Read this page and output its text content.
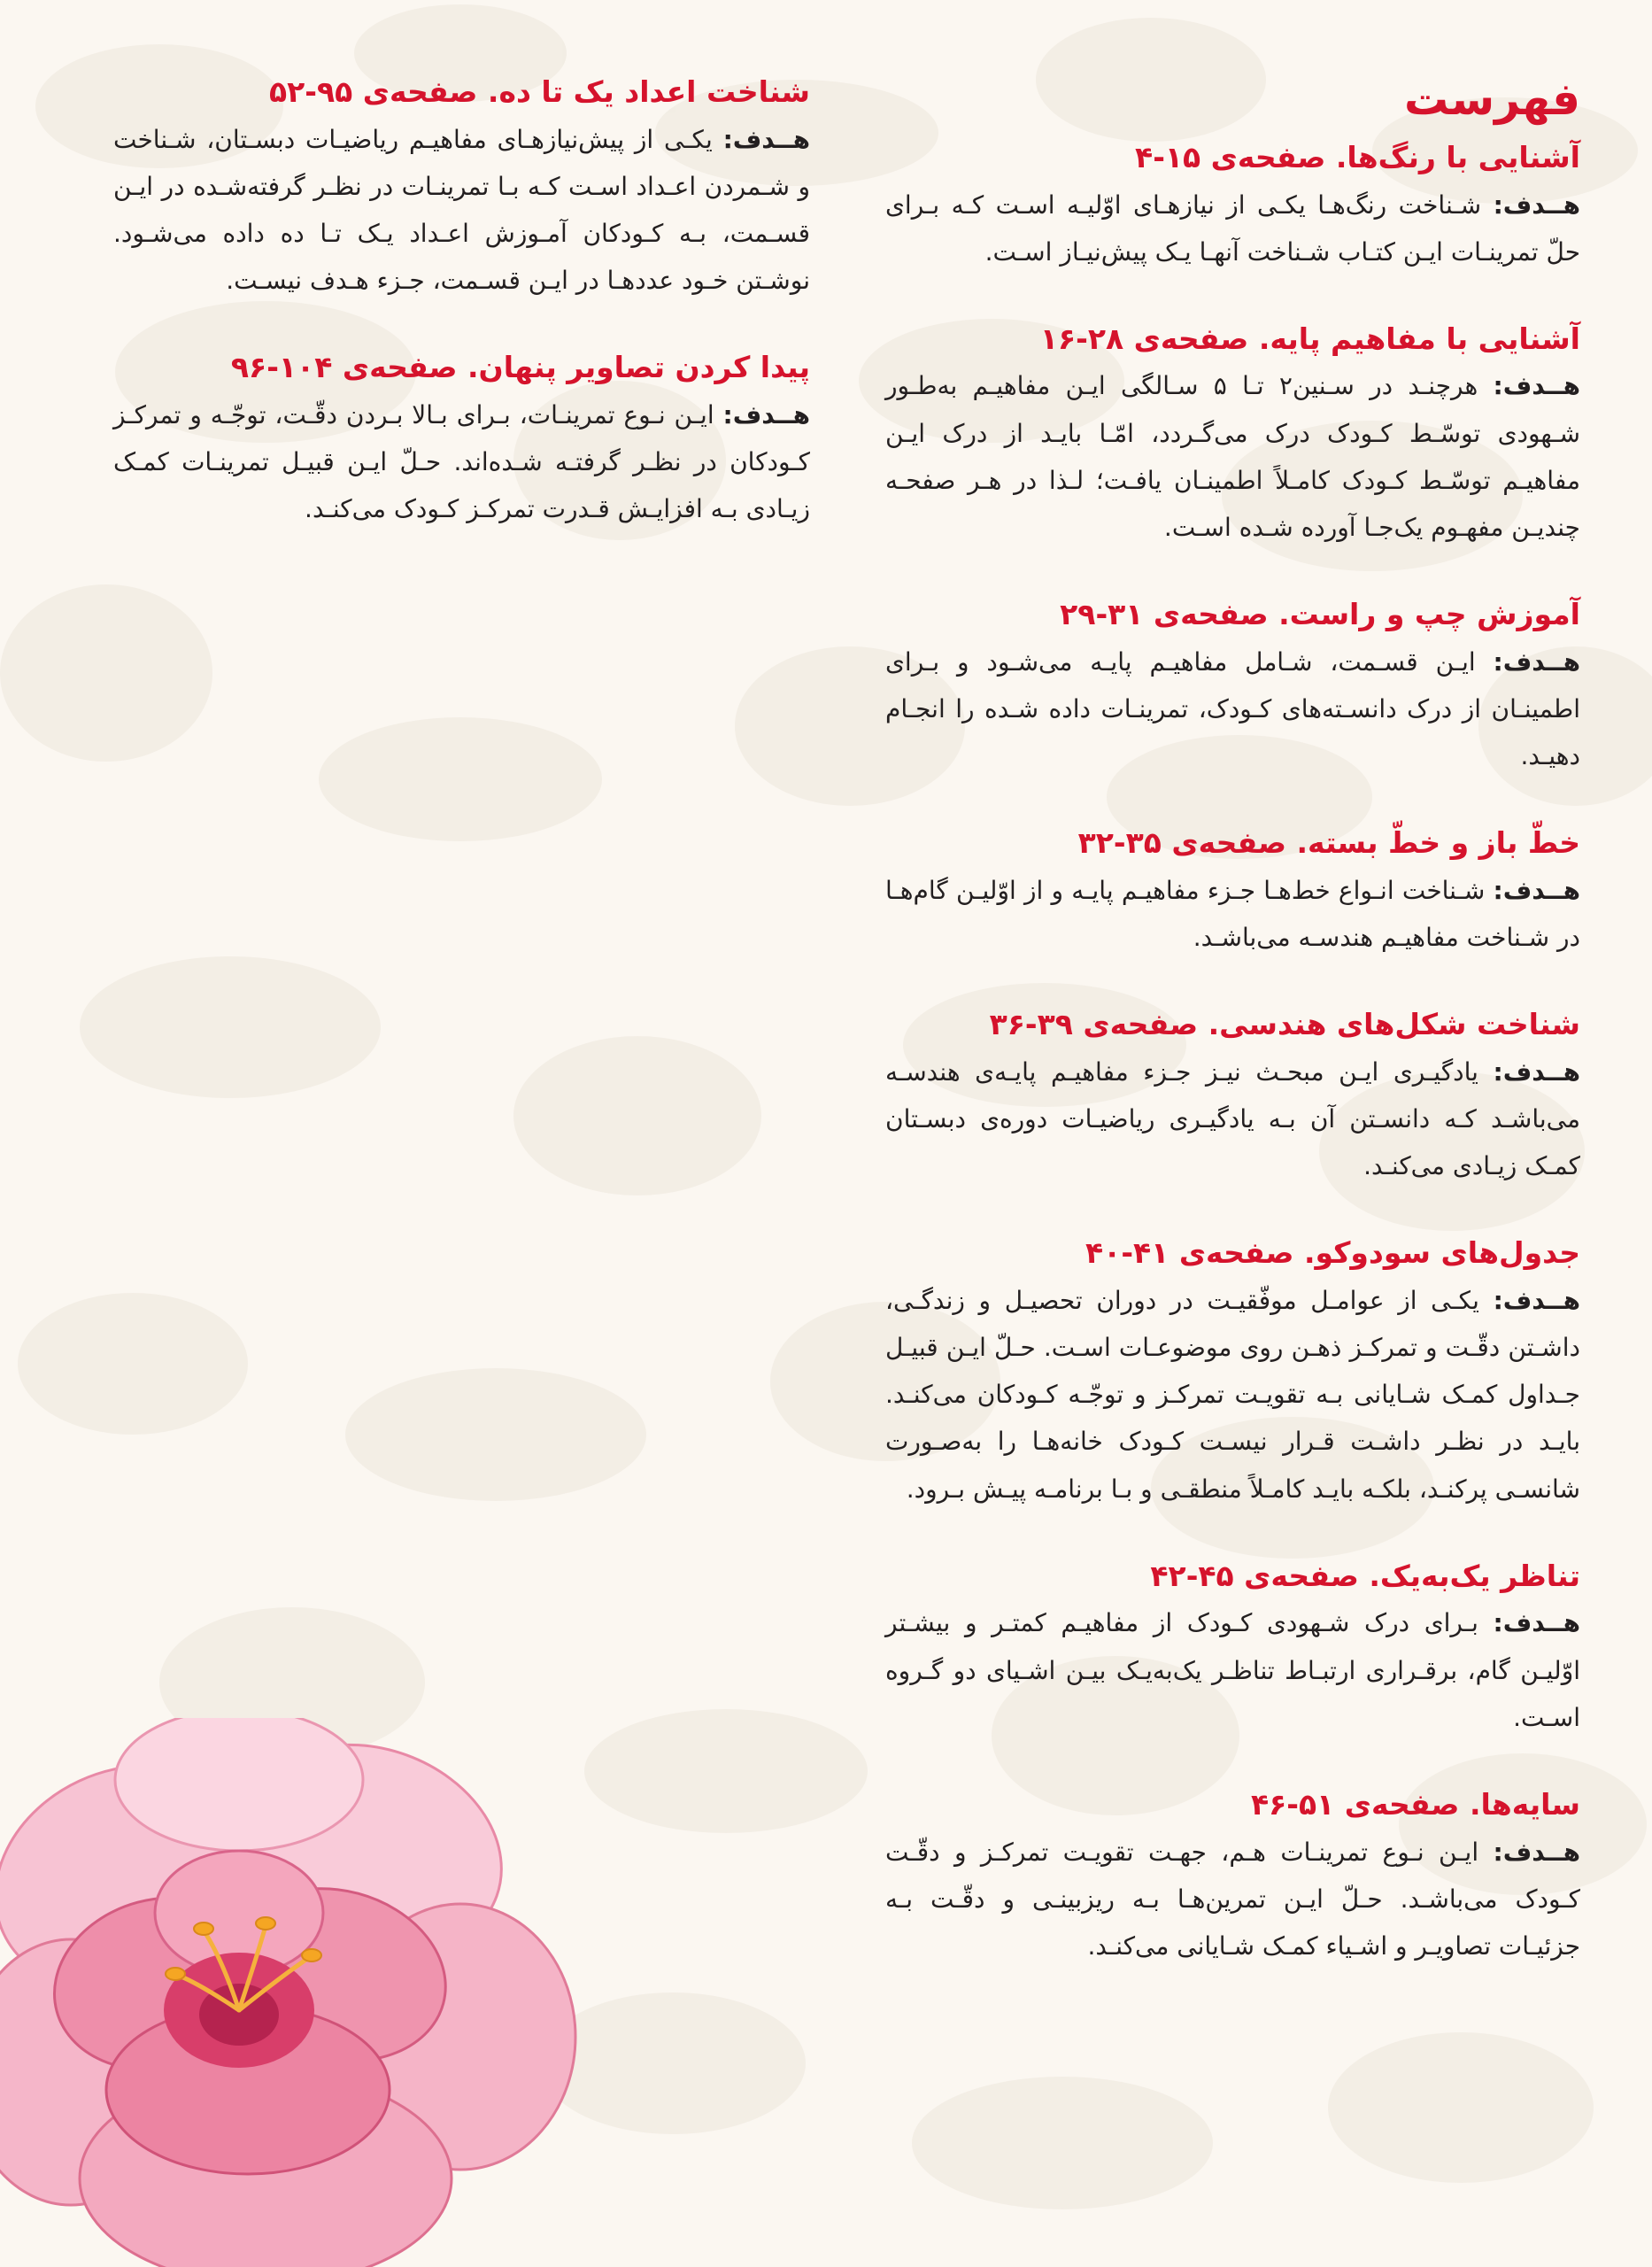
فهرست
آشنایی با رنگ‌ها. صفحه‌ی ۱۵-۴

هــدف: شـناخت رنگ‌هـا یکـی از نیازهـای اوّلیـه اسـت کـه بـرای حلّ تمرینـات ایـن کتـاب شـناخت آنهـا یـک پیش‌نیـاز اسـت.

آشنایی با مفاهیم پایه. صفحه‌ی ۲۸-۱۶

هــدف: هرچنـد در سـنین۲ تـا ۵ سـالگی ایـن مفاهیـم به‌طـور شـهودی توسّـط کـودک درک می‌گـردد، امّـا بایـد از درک ایـن مفاهیـم توسّـط کـودک کامـلاً اطمینـان یافـت؛ لـذا در هـر صفحـه چندیـن مفهـوم یک‌جـا آورده شـده اسـت.

آموزش چپ و راست. صفحه‌ی ۳۱-۲۹

هــدف: ایـن قسـمت، شـامل مفاهیـم پایـه می‌شـود و بـرای اطمینـان از درک دانسـته‌های کـودک، تمرینـات داده شـده را انجـام دهیـد.

خطّ باز و خطّ بسته. صفحه‌ی ۳۵-۳۲

هــدف: شـناخت انـواع خط‌هـا جـزء مفاهیـم پایـه و از اوّلیـن گام‌هـا در شـناخت مفاهیـم هندسـه می‌باشـد.

شناخت شکل‌های هندسی. صفحه‌ی ۳۹-۳۶

هــدف: یادگیـری ایـن مبحـث نیـز جـزء مفاهیـم پایـه‌ی هندسـه می‌باشـد کـه دانسـتن آن بـه یادگیـری ریاضیـات دوره‌ی دبسـتان کمـک زیـادی می‌کنـد.

جدول‌های سودوکو. صفحه‌ی ۴۱-۴۰

هــدف: یکـی از عوامـل موفّقیـت در دوران تحصیـل و زندگـی، داشـتن دقّـت و تمرکـز ذهـن روی موضوعـات اسـت. حـلّ ایـن قبیـل جـداول کمـک شـایانی بـه تقویـت تمرکـز و توجّـه کـودکان می‌کنـد. بایـد در نظـر داشـت قـرار نیسـت کـودک خانه‌هـا را به‌صـورت شانسـی پرکنـد، بلکـه بایـد کامـلاً منطقـی و بـا برنامـه پیـش بـرود.

تناظر یک‌به‌یک. صفحه‌ی ۴۵-۴۲

هــدف: بـرای درک شـهودی کـودک از مفاهیـم کمتـر و بیشـتر اوّلیـن گام، برقـراری ارتبـاط تناظـر یک‌به‌یـک بیـن اشـیای دو گـروه اسـت.

سایه‌ها. صفحه‌ی ۵۱-۴۶

هــدف: ایـن نـوع تمرینـات هـم، جهـت تقویـت تمرکـز و دقّـت کـودک می‌باشـد. حـلّ ایـن تمرین‌هـا بـه ریزبینـی و دقّـت بـه جزئیـات تصاویـر و اشـیاء کمـک شـایانی می‌کنـد.

شناخت اعداد یک تا ده. صفحه‌ی ۹۵-۵۲

هــدف: یکـی از پیش‌نیازهـای مفاهیـم ریاضیـات دبسـتان، شـناخت و شـمردن اعـداد اسـت کـه بـا تمرینـات در نظـر گرفته‌شـده در ایـن قسـمت، بـه کـودکان آمـوزش اعـداد یـک تـا ده داده می‌شـود. نوشـتن خـود عددهـا در ایـن قسـمت، جـزء هـدف نیسـت.

پیدا کردن تصاویر پنهان. صفحه‌ی ۱۰۴-۹۶

هــدف: ایـن نـوع تمرینـات، بـرای بـالا بـردن دقّـت، توجّـه و تمرکـز کـودکان در نظـر گرفتـه شـده‌اند. حـلّ ایـن قبیـل تمرینـات کمـک زیـادی بـه افزایـش قـدرت تمرکـز کـودک می‌کنـد.
